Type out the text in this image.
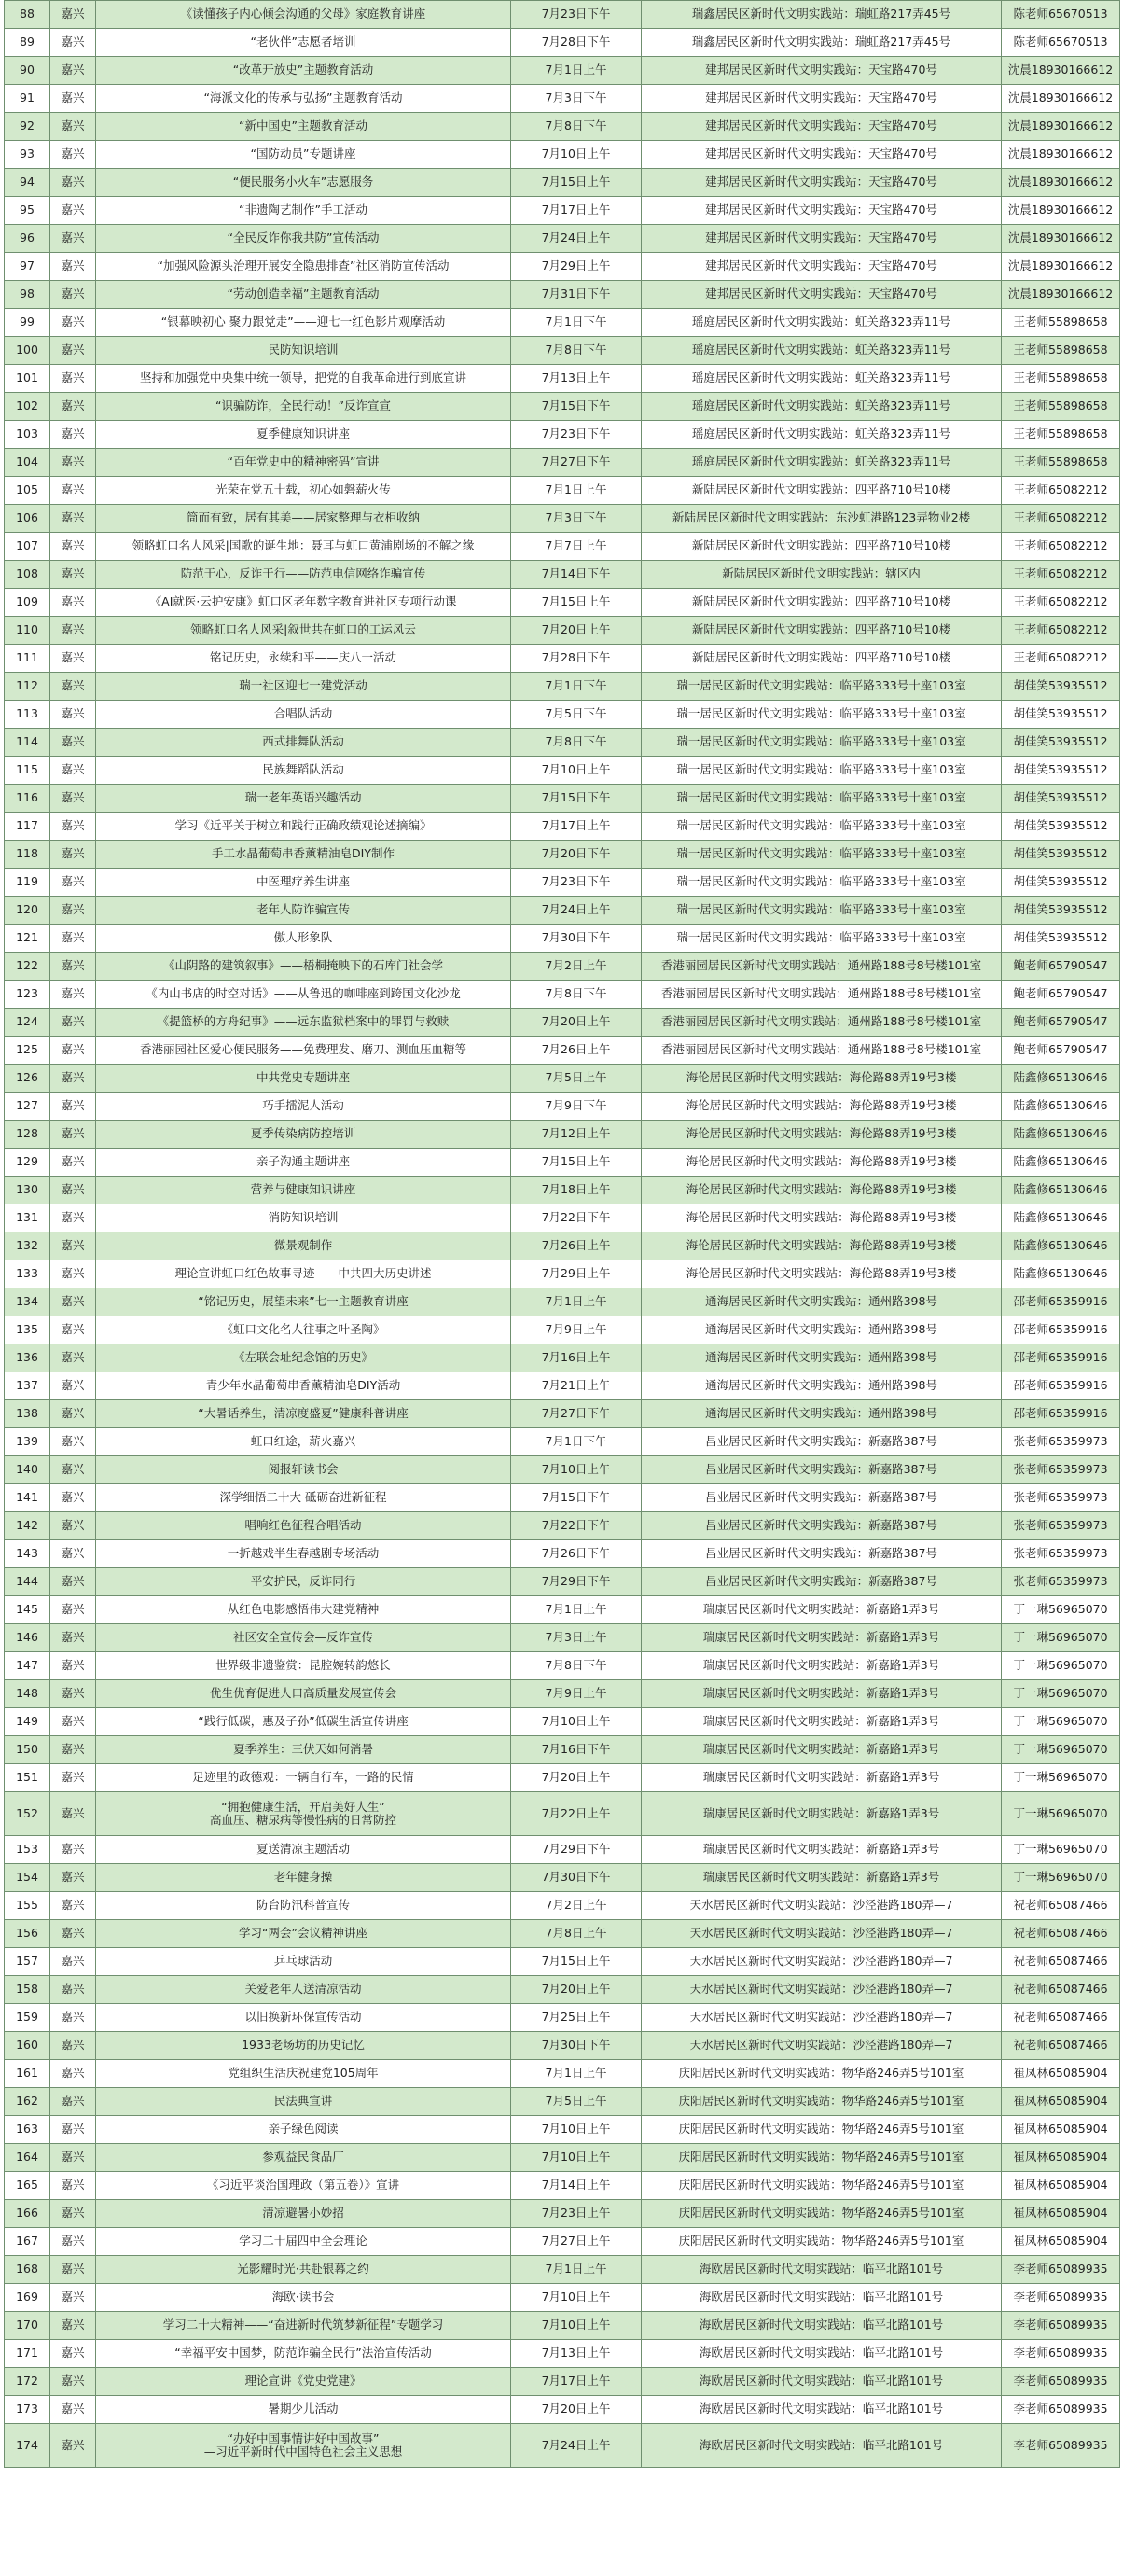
88	嘉兴	《读懂孩子内心倾会沟通的父母》家庭教育讲座	7月23日下午	瑞鑫居民区新时代文明实践站：瑞虹路217弄45号	陈老师65670513
89	嘉兴	“老伙伴”志愿者培训	7月28日下午	瑞鑫居民区新时代文明实践站：瑞虹路217弄45号	陈老师65670513
90	嘉兴	“改革开放史”主题教育活动	7月1日上午	建邦居民区新时代文明实践站：天宝路470号	沈晨18930166612
91	嘉兴	“海派文化的传承与弘扬”主题教育活动	7月3日下午	建邦居民区新时代文明实践站：天宝路470号	沈晨18930166612
92	嘉兴	“新中国史”主题教育活动	7月8日下午	建邦居民区新时代文明实践站：天宝路470号	沈晨18930166612
93	嘉兴	“国防动员”专题讲座	7月10日上午	建邦居民区新时代文明实践站：天宝路470号	沈晨18930166612
94	嘉兴	“便民服务小火车”志愿服务	7月15日上午	建邦居民区新时代文明实践站：天宝路470号	沈晨18930166612
95	嘉兴	“非遗陶艺制作”手工活动	7月17日上午	建邦居民区新时代文明实践站：天宝路470号	沈晨18930166612
96	嘉兴	“全民反诈你我共防”宣传活动	7月24日上午	建邦居民区新时代文明实践站：天宝路470号	沈晨18930166612
97	嘉兴	“加强风险源头治理开展安全隐患排查”社区消防宣传活动	7月29日上午	建邦居民区新时代文明实践站：天宝路470号	沈晨18930166612
98	嘉兴	“劳动创造幸福”主题教育活动	7月31日下午	建邦居民区新时代文明实践站：天宝路470号	沈晨18930166612
99	嘉兴	“银幕映初心 聚力跟党走”——迎七一红色影片观摩活动	7月1日下午	瑶庭居民区新时代文明实践站：虹关路323弄11号	王老师55898658
100	嘉兴	民防知识培训	7月8日下午	瑶庭居民区新时代文明实践站：虹关路323弄11号	王老师55898658
101	嘉兴	坚持和加强党中央集中统一领导，把党的自我革命进行到底宣讲	7月13日上午	瑶庭居民区新时代文明实践站：虹关路323弄11号	王老师55898658
102	嘉兴	“识骗防诈，全民行动！”反诈宣宣	7月15日下午	瑶庭居民区新时代文明实践站：虹关路323弄11号	王老师55898658
103	嘉兴	夏季健康知识讲座	7月23日下午	瑶庭居民区新时代文明实践站：虹关路323弄11号	王老师55898658
104	嘉兴	“百年党史中的精神密码”宣讲	7月27日下午	瑶庭居民区新时代文明实践站：虹关路323弄11号	王老师55898658
105	嘉兴	光荣在党五十载，初心如磐薪火传	7月1日上午	新陆居民区新时代文明实践站：四平路710号10楼	王老师65082212
106	嘉兴	筒而有致，居有其美——居家整理与衣柜收纳	7月3日下午	新陆居民区新时代文明实践站：东沙虹港路123弄物业2楼	王老师65082212
107	嘉兴	领略虹口名人风采|国歌的诞生地：聂耳与虹口黄浦剧场的不解之缘	7月7日上午	新陆居民区新时代文明实践站：四平路710号10楼	王老师65082212
108	嘉兴	防范于心，反诈于行——防范电信网络诈骗宣传	7月14日下午	新陆居民区新时代文明实践站：辖区内	王老师65082212
109	嘉兴	《AI就医·云护安康》虹口区老年数字教育进社区专项行动课	7月15日上午	新陆居民区新时代文明实践站：四平路710号10楼	王老师65082212
110	嘉兴	领略虹口名人风采|叙世共在虹口的工运风云	7月20日上午	新陆居民区新时代文明实践站：四平路710号10楼	王老师65082212
111	嘉兴	铭记历史，永续和平——庆八一活动	7月28日下午	新陆居民区新时代文明实践站：四平路710号10楼	王老师65082212
112	嘉兴	瑞一社区迎七一建党活动	7月1日下午	瑞一居民区新时代文明实践站：临平路333号十座103室	胡佳笑53935512
113	嘉兴	合唱队活动	7月5日下午	瑞一居民区新时代文明实践站：临平路333号十座103室	胡佳笑53935512
114	嘉兴	西式排舞队活动	7月8日下午	瑞一居民区新时代文明实践站：临平路333号十座103室	胡佳笑53935512
115	嘉兴	民族舞蹈队活动	7月10日上午	瑞一居民区新时代文明实践站：临平路333号十座103室	胡佳笑53935512
116	嘉兴	瑞一老年英语兴趣活动	7月15日下午	瑞一居民区新时代文明实践站：临平路333号十座103室	胡佳笑53935512
117	嘉兴	学习《近平关于树立和践行正确政绩观论述摘编》	7月17日上午	瑞一居民区新时代文明实践站：临平路333号十座103室	胡佳笑53935512
118	嘉兴	手工水晶葡萄串香薰精油皂DIY制作	7月20日下午	瑞一居民区新时代文明实践站：临平路333号十座103室	胡佳笑53935512
119	嘉兴	中医理疗养生讲座	7月23日下午	瑞一居民区新时代文明实践站：临平路333号十座103室	胡佳笑53935512
120	嘉兴	老年人防诈骗宣传	7月24日上午	瑞一居民区新时代文明实践站：临平路333号十座103室	胡佳笑53935512
121	嘉兴	傲人形象队	7月30日下午	瑞一居民区新时代文明实践站：临平路333号十座103室	胡佳笑53935512
122	嘉兴	《山阴路的建筑叙事》——梧桐掩映下的石库门社会学	7月2日上午	香港丽园居民区新时代文明实践站：通州路188号8号楼101室	鲍老师65790547
123	嘉兴	《内山书店的时空对话》——从鲁迅的咖啡座到跨国文化沙龙	7月8日下午	香港丽园居民区新时代文明实践站：通州路188号8号楼101室	鲍老师65790547
124	嘉兴	《提篮桥的方舟纪事》——远东监狱档案中的罪罚与救赎	7月20日上午	香港丽园居民区新时代文明实践站：通州路188号8号楼101室	鲍老师65790547
125	嘉兴	香港丽园社区爱心便民服务——免费理发、磨刀、测血压血糖等	7月26日上午	香港丽园居民区新时代文明实践站：通州路188号8号楼101室	鲍老师65790547
126	嘉兴	中共党史专题讲座	7月5日上午	海伦居民区新时代文明实践站：海伦路88弄19号3楼	陆鑫修65130646
127	嘉兴	巧手擂泥人活动	7月9日下午	海伦居民区新时代文明实践站：海伦路88弄19号3楼	陆鑫修65130646
128	嘉兴	夏季传染病防控培训	7月12日上午	海伦居民区新时代文明实践站：海伦路88弄19号3楼	陆鑫修65130646
129	嘉兴	亲子沟通主题讲座	7月15日上午	海伦居民区新时代文明实践站：海伦路88弄19号3楼	陆鑫修65130646
130	嘉兴	营养与健康知识讲座	7月18日上午	海伦居民区新时代文明实践站：海伦路88弄19号3楼	陆鑫修65130646
131	嘉兴	消防知识培训	7月22日下午	海伦居民区新时代文明实践站：海伦路88弄19号3楼	陆鑫修65130646
132	嘉兴	微景观制作	7月26日上午	海伦居民区新时代文明实践站：海伦路88弄19号3楼	陆鑫修65130646
133	嘉兴	理论宣讲虹口红色故事寻迹——中共四大历史讲述	7月29日上午	海伦居民区新时代文明实践站：海伦路88弄19号3楼	陆鑫修65130646
134	嘉兴	“铭记历史，展望未来”七一主题教育讲座	7月1日上午	通海居民区新时代文明实践站：通州路398号	邵老师65359916
135	嘉兴	《虹口文化名人往事之叶圣陶》	7月9日上午	通海居民区新时代文明实践站：通州路398号	邵老师65359916
136	嘉兴	《左联会址纪念馆的历史》	7月16日上午	通海居民区新时代文明实践站：通州路398号	邵老师65359916
137	嘉兴	青少年水晶葡萄串香薰精油皂DIY活动	7月21日上午	通海居民区新时代文明实践站：通州路398号	邵老师65359916
138	嘉兴	“大暑话养生，清凉度盛夏”健康科普讲座	7月27日下午	通海居民区新时代文明实践站：通州路398号	邵老师65359916
139	嘉兴	虹口红途，薪火嘉兴	7月1日下午	昌业居民区新时代文明实践站：新嘉路387号	张老师65359973
140	嘉兴	阅报轩读书会	7月10日上午	昌业居民区新时代文明实践站：新嘉路387号	张老师65359973
141	嘉兴	深学细悟二十大 砥砺奋进新征程	7月15日下午	昌业居民区新时代文明实践站：新嘉路387号	张老师65359973
142	嘉兴	唱响红色征程合唱活动	7月22日下午	昌业居民区新时代文明实践站：新嘉路387号	张老师65359973
143	嘉兴	一折越戏半生春越剧专场活动	7月26日下午	昌业居民区新时代文明实践站：新嘉路387号	张老师65359973
144	嘉兴	平安护民，反诈同行	7月29日下午	昌业居民区新时代文明实践站：新嘉路387号	张老师65359973
145	嘉兴	从红色电影感悟伟大建党精神	7月1日上午	瑞康居民区新时代文明实践站：新嘉路1弄3号	丁一琳56965070
146	嘉兴	社区安全宣传会—反诈宣传	7月3日上午	瑞康居民区新时代文明实践站：新嘉路1弄3号	丁一琳56965070
147	嘉兴	世界级非遗鉴赏：昆腔婉转韵悠长	7月8日下午	瑞康居民区新时代文明实践站：新嘉路1弄3号	丁一琳56965070
148	嘉兴	优生优育促进人口高质量发展宣传会	7月9日上午	瑞康居民区新时代文明实践站：新嘉路1弄3号	丁一琳56965070
149	嘉兴	“践行低碳，惠及子孙”低碳生活宣传讲座	7月10日上午	瑞康居民区新时代文明实践站：新嘉路1弄3号	丁一琳56965070
150	嘉兴	夏季养生：三伏天如何消暑	7月16日下午	瑞康居民区新时代文明实践站：新嘉路1弄3号	丁一琳56965070
151	嘉兴	足迹里的政德观：一辆自行车，一路的民情	7月20日上午	瑞康居民区新时代文明实践站：新嘉路1弄3号	丁一琳56965070
152	嘉兴	“拥抱健康生活，开启美好人生”
高血压、糖尿病等慢性病的日常防控	7月22日上午	瑞康居民区新时代文明实践站：新嘉路1弄3号	丁一琳56965070
153	嘉兴	夏送清凉主题活动	7月29日下午	瑞康居民区新时代文明实践站：新嘉路1弄3号	丁一琳56965070
154	嘉兴	老年健身操	7月30日下午	瑞康居民区新时代文明实践站：新嘉路1弄3号	丁一琳56965070
155	嘉兴	防台防汛科普宣传	7月2日上午	天水居民区新时代文明实践站：沙泾港路180弄—7	祝老师65087466
156	嘉兴	学习“两会”会议精神讲座	7月8日上午	天水居民区新时代文明实践站：沙泾港路180弄—7	祝老师65087466
157	嘉兴	乒乓球活动	7月15日上午	天水居民区新时代文明实践站：沙泾港路180弄—7	祝老师65087466
158	嘉兴	关爱老年人送清凉活动	7月20日上午	天水居民区新时代文明实践站：沙泾港路180弄—7	祝老师65087466
159	嘉兴	以旧换新环保宣传活动	7月25日上午	天水居民区新时代文明实践站：沙泾港路180弄—7	祝老师65087466
160	嘉兴	1933老场坊的历史记忆	7月30日下午	天水居民区新时代文明实践站：沙泾港路180弄—7	祝老师65087466
161	嘉兴	党组织生活庆祝建党105周年	7月1日上午	庆阳居民区新时代文明实践站：物华路246弄5号101室	崔凤林65085904
162	嘉兴	民法典宣讲	7月5日上午	庆阳居民区新时代文明实践站：物华路246弄5号101室	崔凤林65085904
163	嘉兴	亲子绿色阅读	7月10日上午	庆阳居民区新时代文明实践站：物华路246弄5号101室	崔凤林65085904
164	嘉兴	参观益民食品厂	7月10日上午	庆阳居民区新时代文明实践站：物华路246弄5号101室	崔凤林65085904
165	嘉兴	《习近平谈治国理政（第五卷）》宣讲	7月14日上午	庆阳居民区新时代文明实践站：物华路246弄5号101室	崔凤林65085904
166	嘉兴	清凉避暑小妙招	7月23日上午	庆阳居民区新时代文明实践站：物华路246弄5号101室	崔凤林65085904
167	嘉兴	学习二十届四中全会理论	7月27日上午	庆阳居民区新时代文明实践站：物华路246弄5号101室	崔凤林65085904
168	嘉兴	光影耀时光·共赴银幕之约	7月1日上午	海欧居民区新时代文明实践站：临平北路101号	李老师65089935
169	嘉兴	海欧·读书会	7月10日上午	海欧居民区新时代文明实践站：临平北路101号	李老师65089935
170	嘉兴	学习二十大精神——“奋进新时代筑梦新征程”专题学习	7月10日上午	海欧居民区新时代文明实践站：临平北路101号	李老师65089935
171	嘉兴	“幸福平安中国梦，防范诈骗全民行”法治宣传活动	7月13日上午	海欧居民区新时代文明实践站：临平北路101号	李老师65089935
172	嘉兴	理论宣讲《党史党建》	7月17日上午	海欧居民区新时代文明实践站：临平北路101号	李老师65089935
173	嘉兴	暑期少儿活动	7月20日上午	海欧居民区新时代文明实践站：临平北路101号	李老师65089935
174	嘉兴	“办好中国事情讲好中国故事”
—习近平新时代中国特色社会主义思想	7月24日上午	海欧居民区新时代文明实践站：临平北路101号	李老师65089935
